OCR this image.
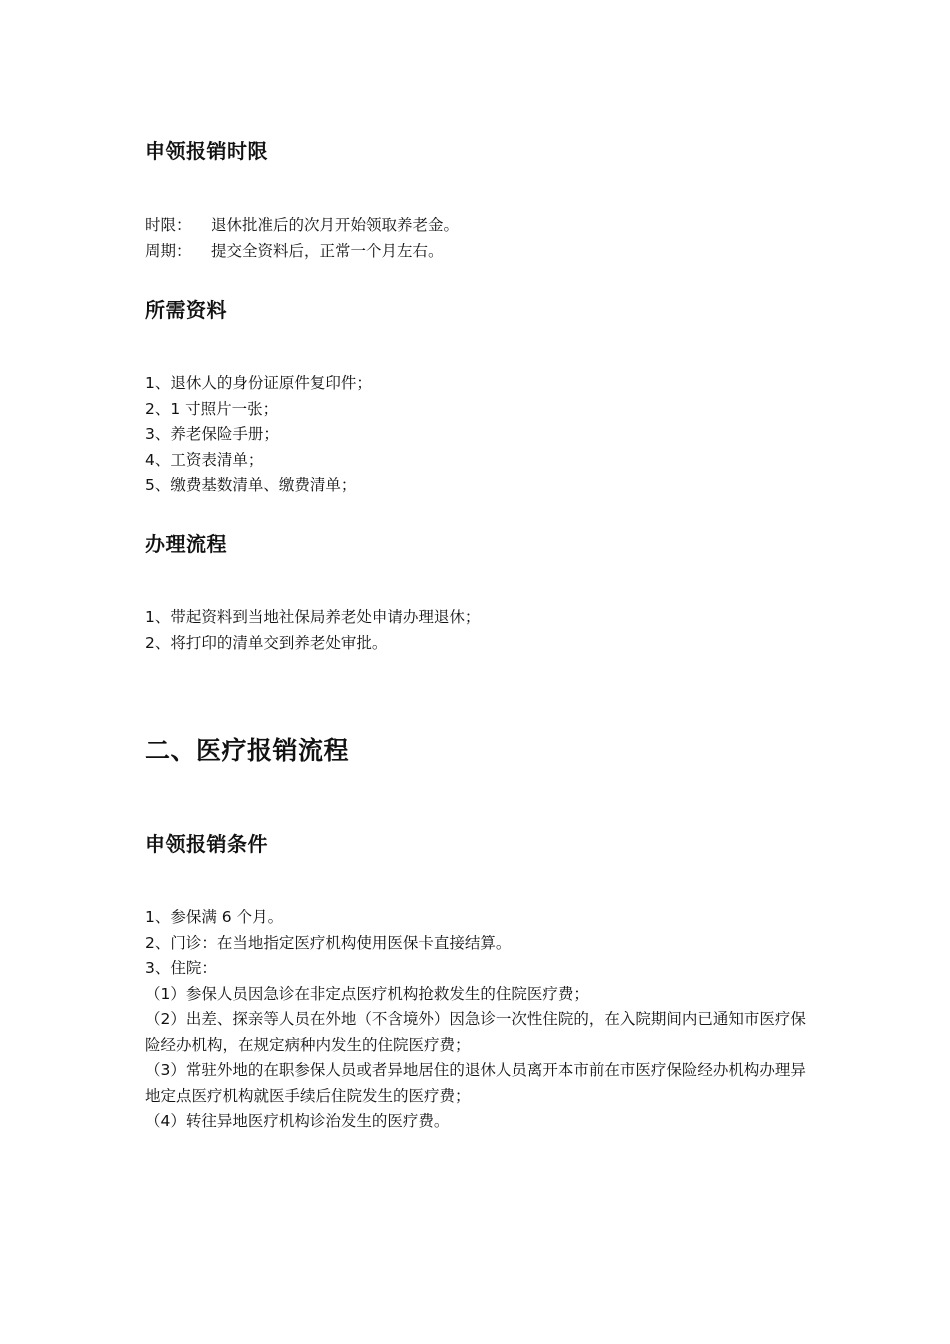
申领报销时限
时限： 退休批准后的次月开始领取养老金。
周期： 提交全资料后，正常一个月左右。
所需资料
1、退休人的身份证原件复印件；
2、1 寸照片一张；
3、养老保险手册；
4、工资表清单；
5、缴费基数清单、缴费清单；
办理流程
1、带起资料到当地社保局养老处申请办理退休；
2、将打印的清单交到养老处审批。
二、医疗报销流程
申领报销条件
1、参保满 6 个月。
2、门诊：在当地指定医疗机构使用医保卡直接结算。
3、住院：
（1）参保人员因急诊在非定点医疗机构抢救发生的住院医疗费；
（2）出差、探亲等人员在外地（不含境外）因急诊一次性住院的，在入院期间内已通知市医疗保险经办机构，在规定病种内发生的住院医疗费；
（3）常驻外地的在职参保人员或者异地居住的退休人员离开本市前在市医疗保险经办机构办理异地定点医疗机构就医手续后住院发生的医疗费；
（4）转往异地医疗机构诊治发生的医疗费。
